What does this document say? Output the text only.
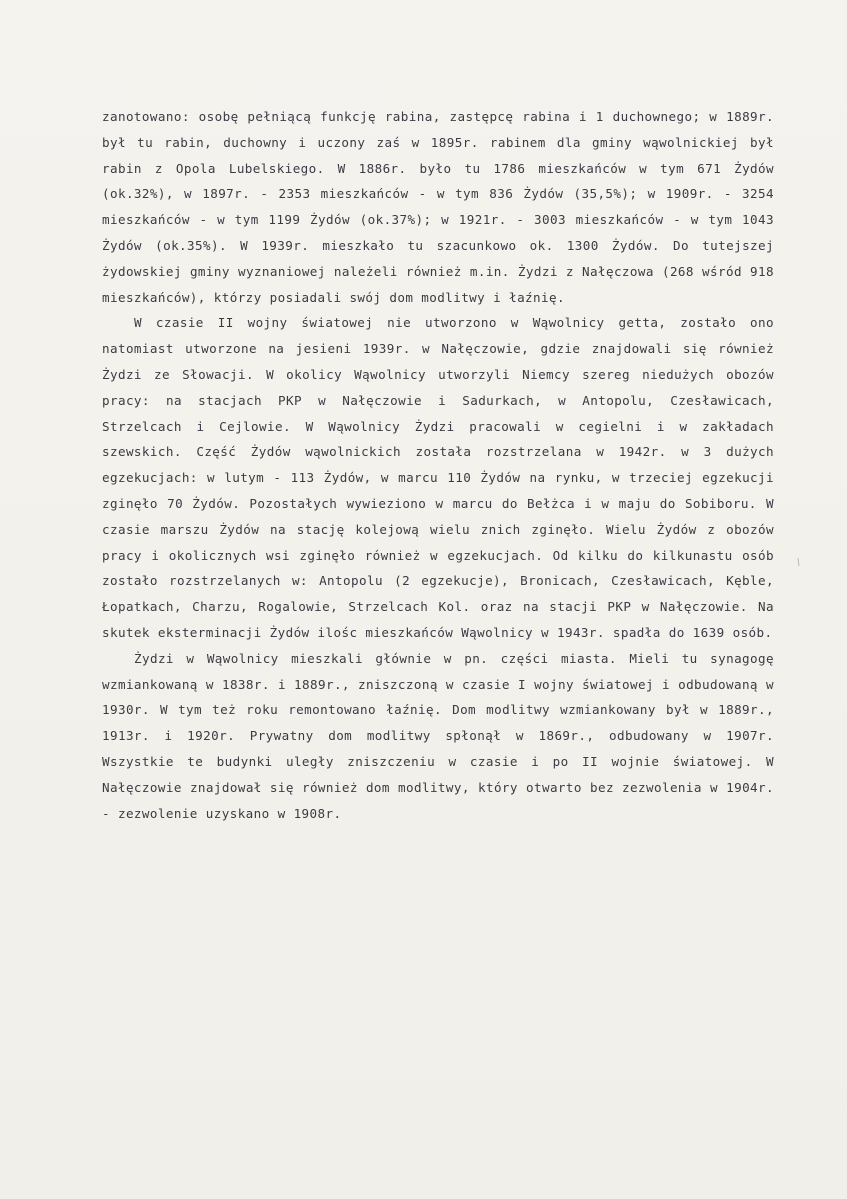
zanotowano: osobę pełniącą funkcję rabina, zastępcę rabina i 1 duchownego; w 1889r. był tu rabin, duchowny i uczony zaś w 1895r. rabinem dla gminy wąwolnickiej był rabin z Opola Lubelskiego. W 1886r. było tu 1786 mieszkańców w tym 671 Żydów (ok.32%), w 1897r. - 2353 mieszkańców - w tym 836 Żydów (35,5%); w 1909r. - 3254 mieszkańców - w tym 1199 Żydów (ok.37%); w 1921r. - 3003 mieszkańców - w tym 1043 Żydów (ok.35%). W 1939r. mieszkało tu szacunkowo ok. 1300 Żydów. Do tutejszej żydowskiej gminy wyznaniowej należeli również m.in. Żydzi z Nałęczowa (268 wśród 918 mieszkańców), którzy posiadali swój dom modlitwy i łaźnię.

W czasie II wojny światowej nie utworzono w Wąwolnicy getta, zostało ono natomiast utworzone na jesieni 1939r. w Nałęczowie, gdzie znajdowali się również Żydzi ze Słowacji. W okolicy Wąwolnicy utworzyli Niemcy szereg niedużych obozów pracy: na stacjach PKP w Nałęczowie i Sadurkach, w Antopolu, Czesławicach, Strzelcach i Cejlowie. W Wąwolnicy Żydzi pracowali w cegielni i w zakładach szewskich. Część Żydów wąwolnickich została rozstrzelana w 1942r. w 3 dużych egzekucjach: w lutym - 113 Żydów, w marcu 110 Żydów na rynku, w trzeciej egzekucji zginęło 70 Żydów. Pozostałych wywieziono w marcu do Bełżca i w maju do Sobiboru. W czasie marszu Żydów na stację kolejową wielu znich zginęło. Wielu Żydów z obozów pracy i okolicznych wsi zginęło również w egzekucjach. Od kilku do kilkunastu osób zostało rozstrzelanych w: Antopolu (2 egzekucje), Bronicach, Czesławicach, Kęble, Łopatkach, Charzu, Rogalowie, Strzelcach Kol. oraz na stacji PKP w Nałęczowie. Na skutek eksterminacji Żydów ilośc mieszkańców Wąwolnicy w 1943r. spadła do 1639 osób.

Żydzi w Wąwolnicy mieszkali głównie w pn. części miasta. Mieli tu synagogę wzmiankowaną w 1838r. i 1889r., zniszczoną w czasie I wojny światowej i odbudowaną w 1930r. W tym też roku remontowano łaźnię. Dom modlitwy wzmiankowany był w 1889r., 1913r. i 1920r. Prywatny dom modlitwy spłonął w 1869r., odbudowany w 1907r. Wszystkie te budynki uległy zniszczeniu w czasie i po II wojnie światowej. W Nałęczowie znajdował się również dom modlitwy, który otwarto bez zezwolenia w 1904r. - zezwolenie uzyskano w 1908r.
